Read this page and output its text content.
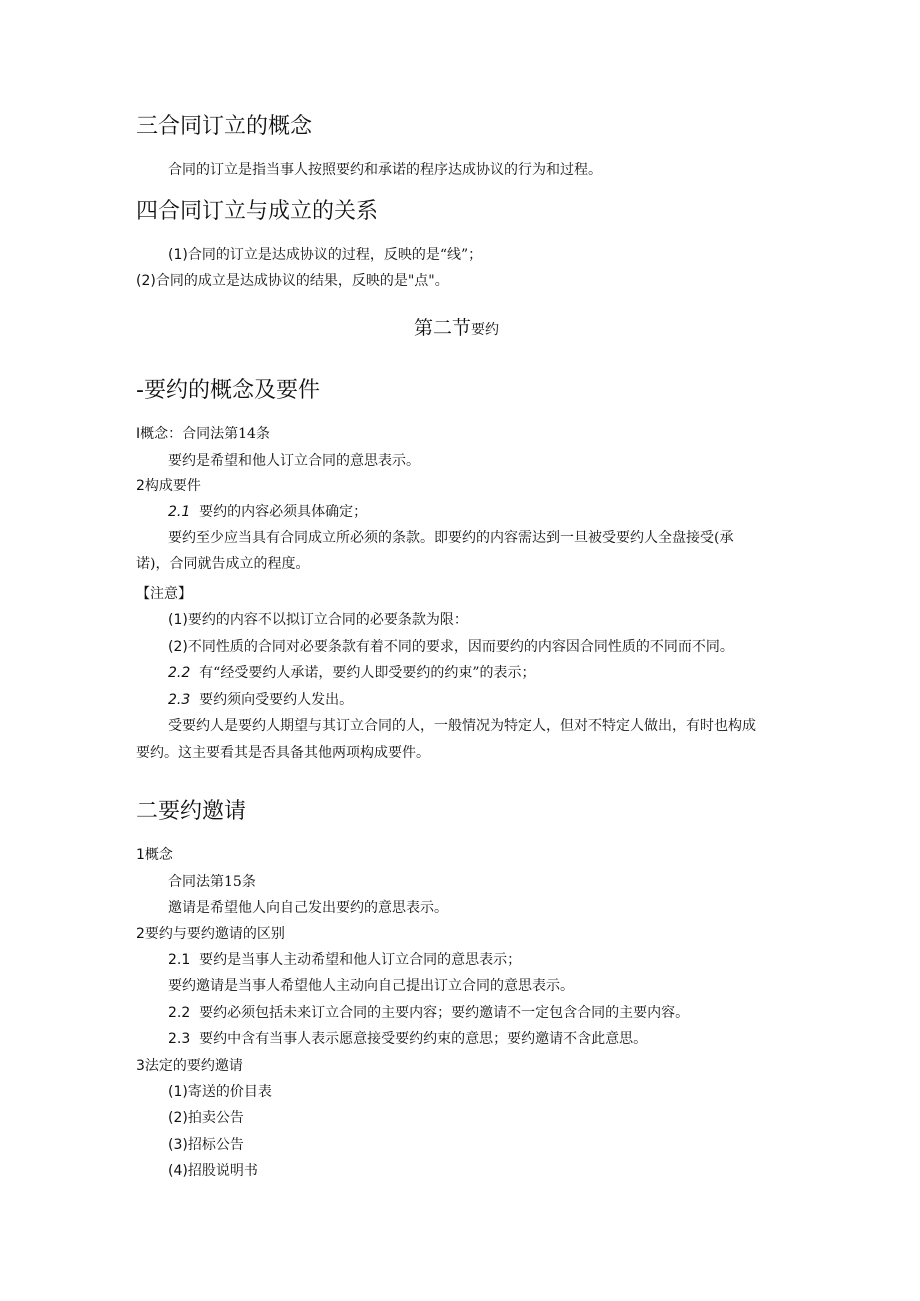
三合同订立的概念
合同的订立是指当事人按照要约和承诺的程序达成协议的行为和过程。
四合同订立与成立的关系
(1)合同的订立是达成协议的过程，反映的是“线”；
(2)合同的成立是达成协议的结果，反映的是"点"。
第二节要约
-要约的概念及要件
I概念：合同法第14条
要约是希望和他人订立合同的意思表示。
2构成要件
2.1 要约的内容必须具体确定；
要约至少应当具有合同成立所必须的条款。即要约的内容需达到一旦被受要约人全盘接受(承
诺)，合同就告成立的程度。
【注意】
(1)要约的内容不以拟订立合同的必要条款为限：
(2)不同性质的合同对必要条款有着不同的要求，因而要约的内容因合同性质的不同而不同。
2.2 有“经受要约人承诺，要约人即受要约的约束”的表示；
2.3 要约须向受要约人发出。
受要约人是要约人期望与其订立合同的人，一般情况为特定人，但对不特定人做出，有时也构成
要约。这主要看其是否具备其他两项构成要件。
二要约邀请
1概念
合同法第15条
邀请是希望他人向自己发出要约的意思表示。
2要约与要约邀请的区别
2.1 要约是当事人主动希望和他人订立合同的意思表示；
要约邀请是当事人希望他人主动向自己提出订立合同的意思表示。
2.2 要约必须包括未来订立合同的主要内容；要约邀请不一定包含合同的主要内容。
2.3 要约中含有当事人表示愿意接受要约约束的意思；要约邀请不含此意思。
3法定的要约邀请
(1)寄送的价目表
(2)拍卖公告
(3)招标公告
(4)招股说明书
